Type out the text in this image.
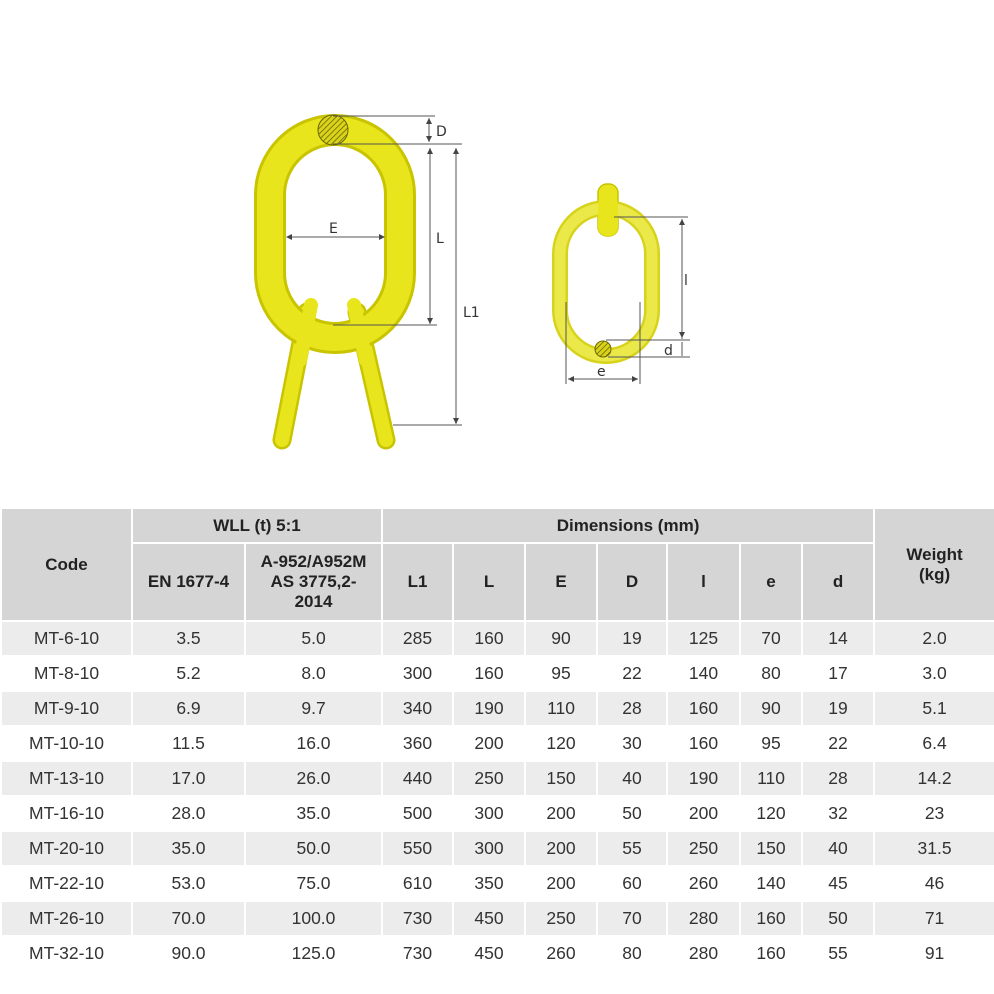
D
L
L1
E
l
d
e
Code	WLL (t) 5:1		Dimensions (mm)							Weight
(kg)
	EN 1677-4	A-952/A952M
AS 3775,2-
2014	L1	L	E	D	l	e	d	
MT-6-10	3.5	5.0	285	160	90	19	125	70	14	2.0
MT-8-10	5.2	8.0	300	160	95	22	140	80	17	3.0
MT-9-10	6.9	9.7	340	190	110	28	160	90	19	5.1
MT-10-10	11.5	16.0	360	200	120	30	160	95	22	6.4
MT-13-10	17.0	26.0	440	250	150	40	190	110	28	14.2
MT-16-10	28.0	35.0	500	300	200	50	200	120	32	23
MT-20-10	35.0	50.0	550	300	200	55	250	150	40	31.5
MT-22-10	53.0	75.0	610	350	200	60	260	140	45	46
MT-26-10	70.0	100.0	730	450	250	70	280	160	50	71
MT-32-10	90.0	125.0	730	450	260	80	280	160	55	91
